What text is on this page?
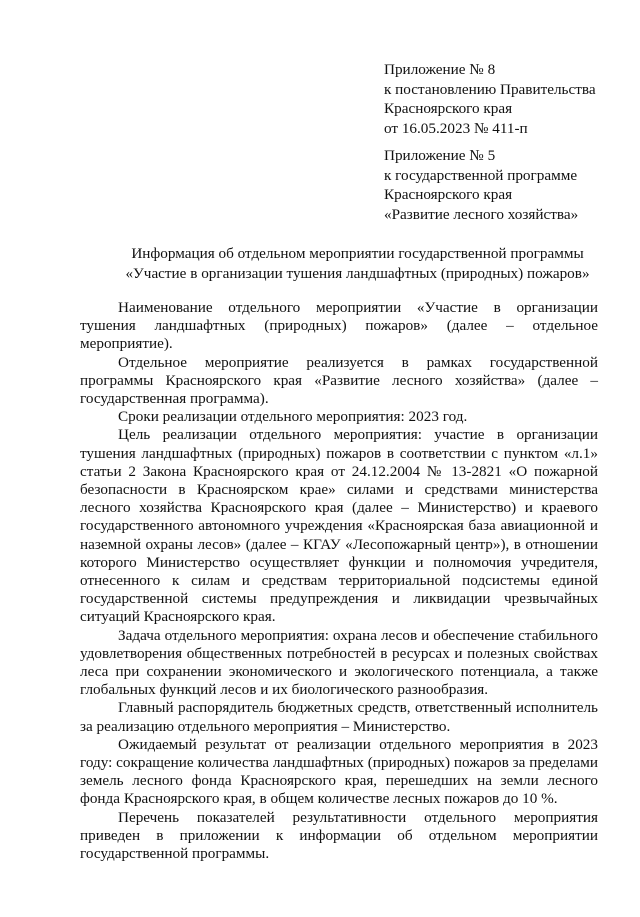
Приложение № 8
к постановлению Правительства
Красноярского края
от 16.05.2023 № 411-п
Приложение № 5
к государственной программе
Красноярского края
«Развитие лесного хозяйства»
Информация об отдельном мероприятии государственной программы
«Участие в организации тушения ландшафтных (природных) пожаров»

Наименование отдельного мероприятии «Участие в организации тушения ландшафтных (природных) пожаров» (далее – отдельное мероприятие).

Отдельное мероприятие реализуется в рамках государственной программы Красноярского края «Развитие лесного хозяйства» (далее – государственная программа).

Сроки реализации отдельного мероприятия: 2023 год.

Цель реализации отдельного мероприятия: участие в организации тушения ландшафтных (природных) пожаров в соответствии с пунктом «л.1» статьи 2 Закона Красноярского края от 24.12.2004 № 13-2821 «О пожарной безопасности в Красноярском крае» силами и средствами министерства лесного хозяйства Красноярского края (далее – Министерство) и краевого государственного автономного учреждения «Красноярская база авиационной и наземной охраны лесов» (далее – КГАУ «Лесопожарный центр»), в отношении которого Министерство осуществляет функции и полномочия учредителя, отнесенного к силам и средствам территориальной подсистемы единой государственной системы предупреждения и ликвидации чрезвычайных ситуаций Красноярского края.

Задача отдельного мероприятия: охрана лесов и обеспечение стабильного удовлетворения общественных потребностей в ресурсах и полезных свойствах леса при сохранении экономического и экологического потенциала, а также глобальных функций лесов и их биологического разнообразия.

Главный распорядитель бюджетных средств, ответственный исполнитель за реализацию отдельного мероприятия – Министерство.

Ожидаемый результат от реализации отдельного мероприятия в 2023 году: сокращение количества ландшафтных (природных) пожаров за пределами земель лесного фонда Красноярского края, перешедших на земли лесного фонда Красноярского края, в общем количестве лесных пожаров до 10 %.

Перечень показателей результативности отдельного мероприятия приведен в приложении к информации об отдельном мероприятии государственной программы.
